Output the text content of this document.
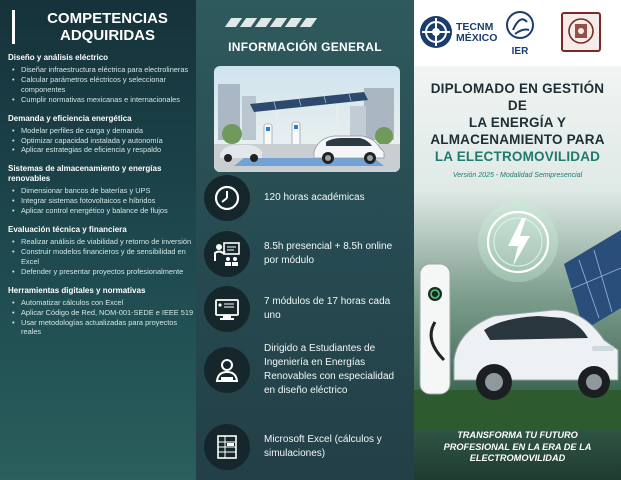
COMPETENCIAS
ADQUIRIDAS
Diseño y análisis eléctrico
• Diseñar infraestructura eléctrica para electrolineras
• Calcular parámetros eléctricos y seleccionar componentes
• Cumplir normativas mexicanas e internacionales
Demanda y eficiencia energética
• Modelar perfiles de carga y demanda
• Optimizar capacidad instalada y autonomía
• Aplicar estrategias de eficiencia y respaldo
Sistemas de almacenamiento y energías renovables
• Dimensionar bancos de baterías y UPS
• Integrar sistemas fotovoltaicos e híbridos
• Aplicar control energético y balance de flujos
Evaluación técnica y financiera
• Realizar análisis de viabilidad y retorno de inversión
• Construir modelos financieros y de sensibilidad en Excel
• Defender y presentar proyectos profesionalmente
Herramientas digitales y normativas
• Automatizar cálculos con Excel
• Aplicar Código de Red, NOM-001-SEDE e IEEE 519
• Usar metodologías actualizadas para proyectos reales
INFORMACIÓN GENERAL
120 horas académicas
8.5h presencial + 8.5h online por módulo
7 módulos de 17 horas cada uno
Dirigido a Estudiantes de Ingeniería en Energías Renovables con especialidad en diseño eléctrico
Microsoft Excel (cálculos y simulaciones)
TECNM
MÉXICO
IER
DIPLOMADO EN GESTIÓN DE
LA ENERGÍA Y
ALMACENAMIENTO PARA
LA ELECTROMOVILIDAD
Versión 2025 - Modalidad Semipresencial
TRANSFORMA TU FUTURO
PROFESIONAL EN LA ERA DE LA
ELECTROMOVILIDAD
